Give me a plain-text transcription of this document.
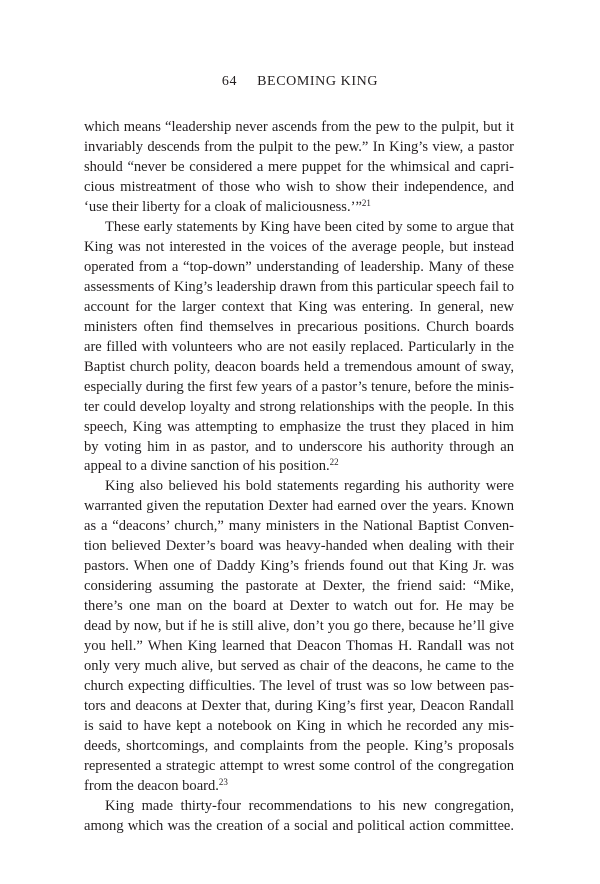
64 BECOMING KING
which means “leadership never ascends from the pew to the pulpit, but it
invariably descends from the pulpit to the pew.” In King’s view, a pastor
should “never be considered a mere puppet for the whimsical and capri-
cious mistreatment of those who wish to show their independence, and
‘use their liberty for a cloak of maliciousness.’”$^{21}$
These early statements by King have been cited by some to argue that
King was not interested in the voices of the average people, but instead
operated from a “top-down” understanding of leadership. Many of these
assessments of King’s leadership drawn from this particular speech fail to
account for the larger context that King was entering. In general, new
ministers often find themselves in precarious positions. Church boards
are filled with volunteers who are not easily replaced. Particularly in the
Baptist church polity, deacon boards held a tremendous amount of sway,
especially during the first few years of a pastor’s tenure, before the minis-
ter could develop loyalty and strong relationships with the people. In this
speech, King was attempting to emphasize the trust they placed in him
by voting him in as pastor, and to underscore his authority through an
appeal to a divine sanction of his position.$^{22}$
King also believed his bold statements regarding his authority were
warranted given the reputation Dexter had earned over the years. Known
as a “deacons’ church,” many ministers in the National Baptist Conven-
tion believed Dexter’s board was heavy-handed when dealing with their
pastors. When one of Daddy King’s friends found out that King Jr. was
considering assuming the pastorate at Dexter, the friend said: “Mike,
there’s one man on the board at Dexter to watch out for. He may be
dead by now, but if he is still alive, don’t you go there, because he’ll give
you hell.” When King learned that Deacon Thomas H. Randall was not
only very much alive, but served as chair of the deacons, he came to the
church expecting difficulties. The level of trust was so low between pas-
tors and deacons at Dexter that, during King’s first year, Deacon Randall
is said to have kept a notebook on King in which he recorded any mis-
deeds, shortcomings, and complaints from the people. King’s proposals
represented a strategic attempt to wrest some control of the congregation
from the deacon board.$^{23}$
King made thirty-four recommendations to his new congregation,
among which was the creation of a social and political action committee.
